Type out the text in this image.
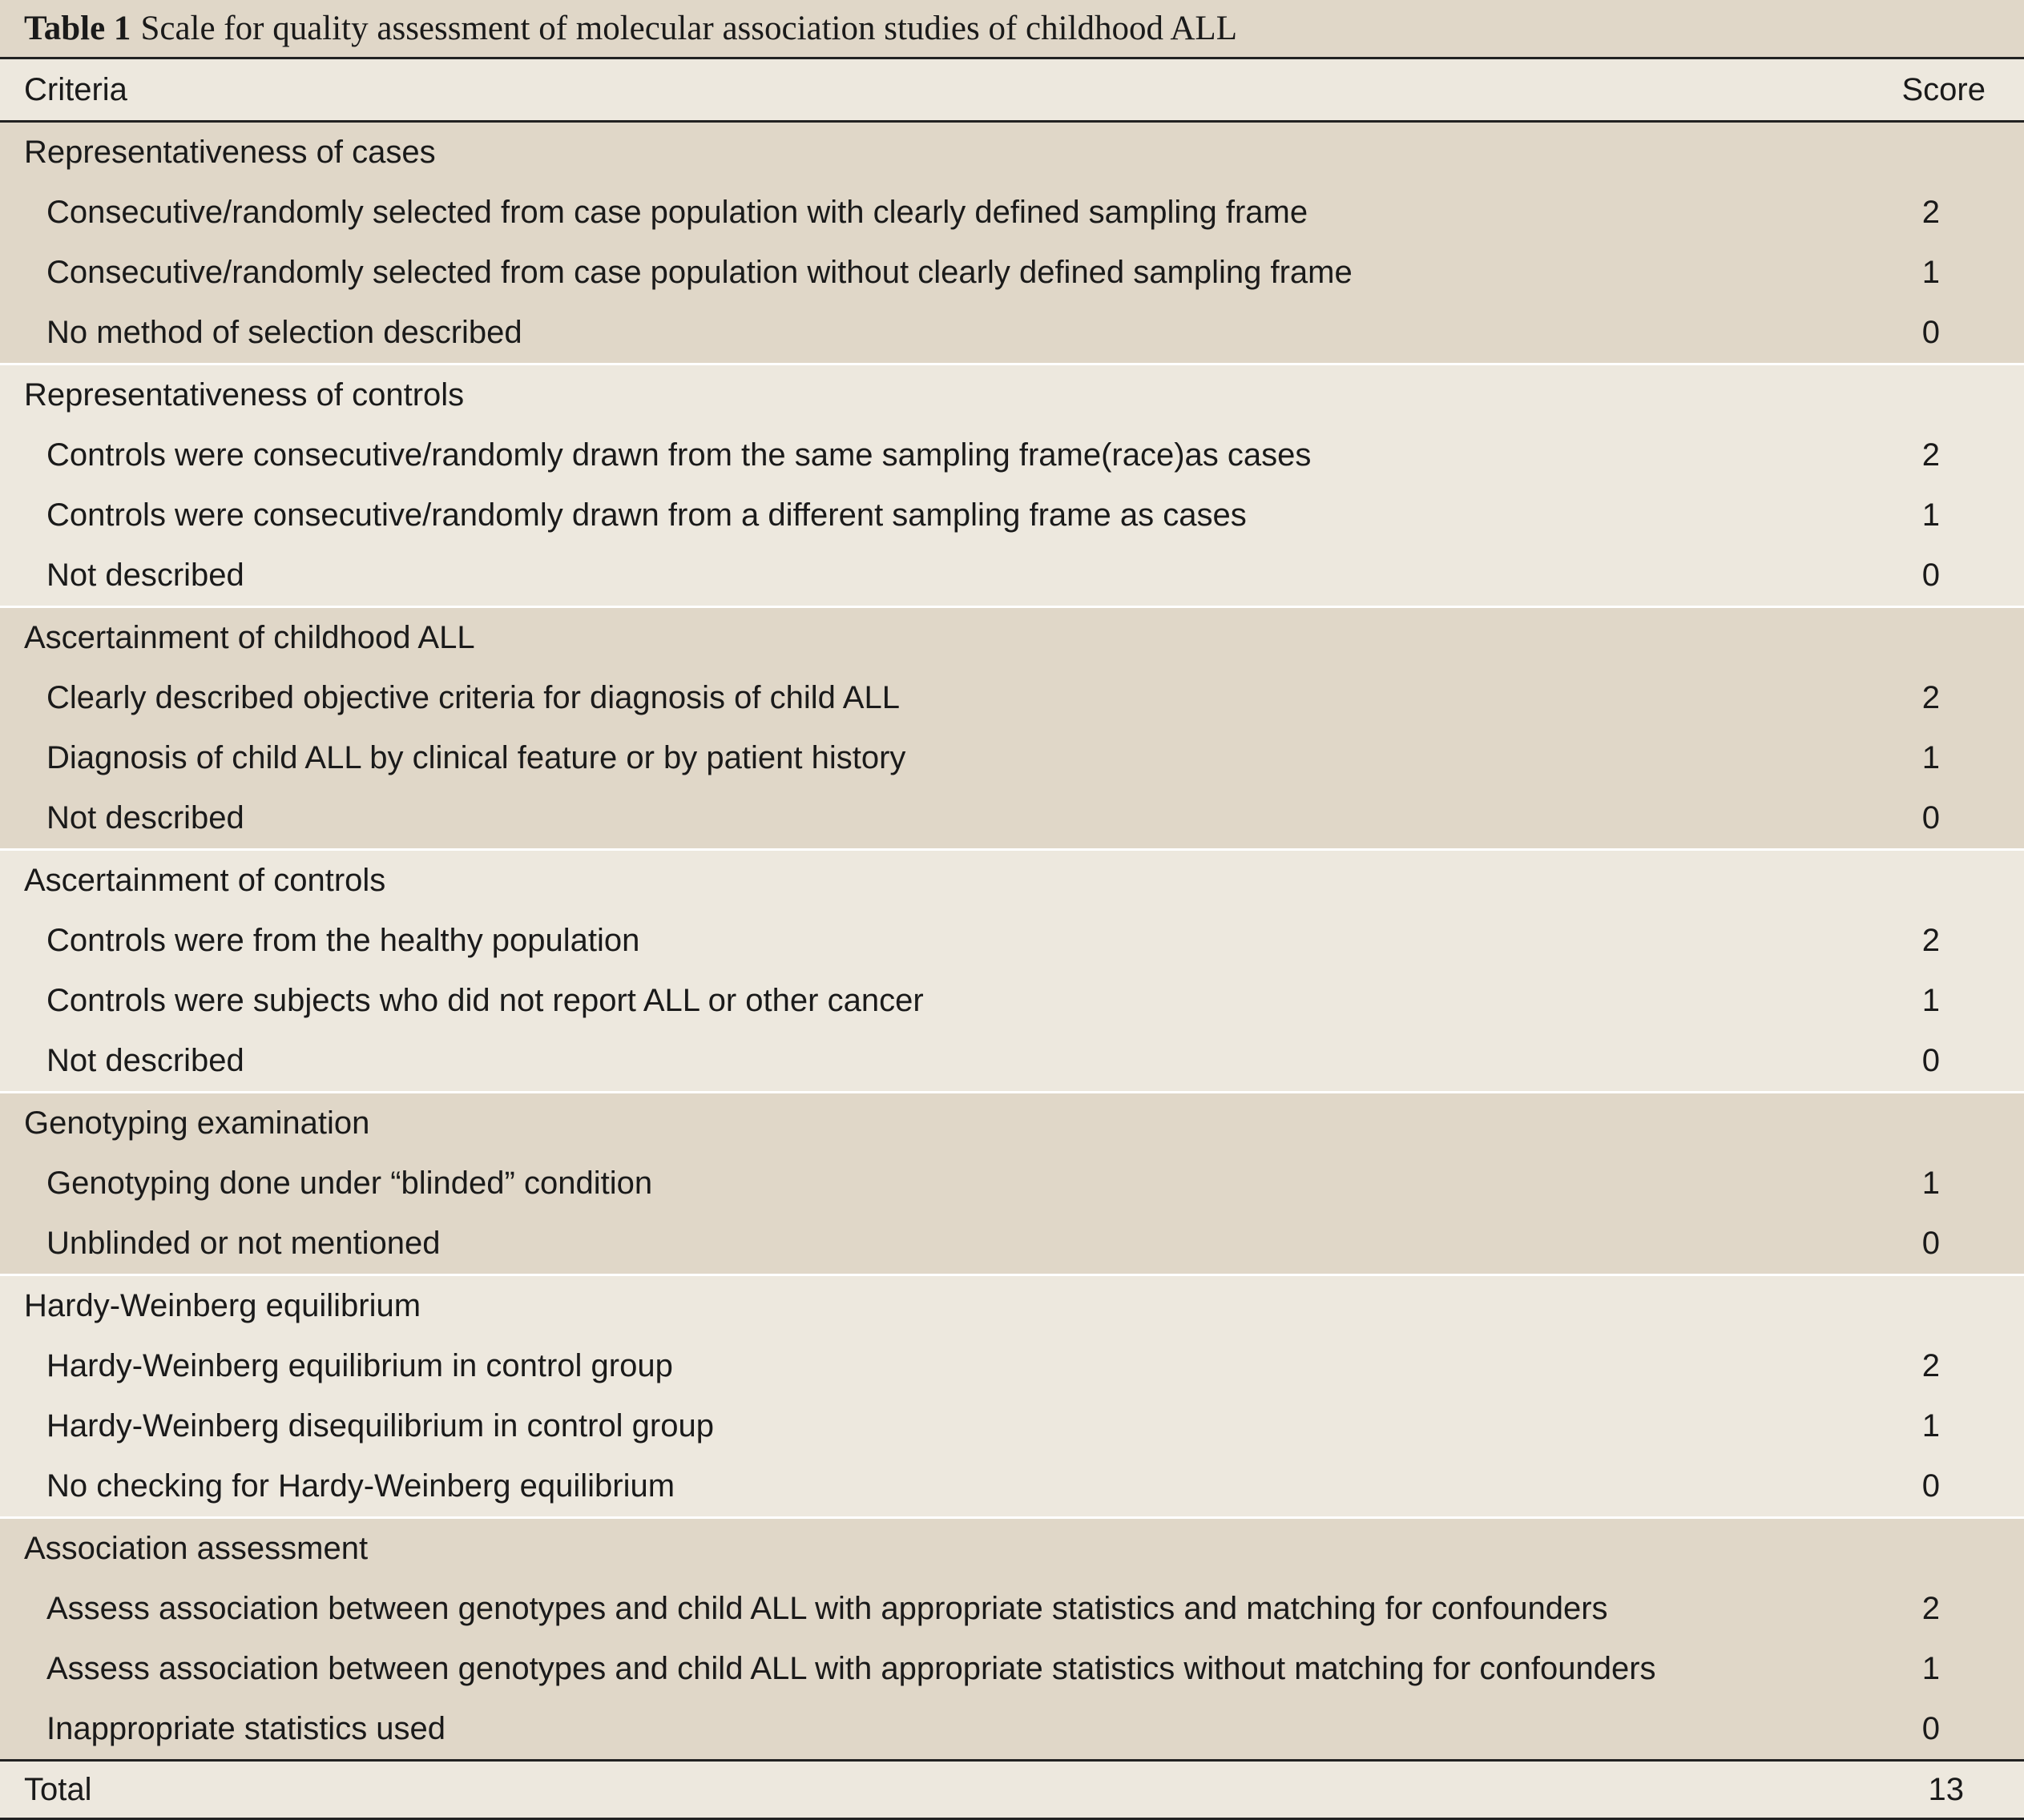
Table 1 Scale for quality assessment of molecular association studies of childhood ALL
Criteria	Score
Representativeness of cases
Consecutive/randomly selected from case population with clearly defined sampling frame	2
Consecutive/randomly selected from case population without clearly defined sampling frame	1
No method of selection described	0
Representativeness of controls
Controls were consecutive/randomly drawn from the same sampling frame(race)as cases	2
Controls were consecutive/randomly drawn from a different sampling frame as cases	1
Not described	0
Ascertainment of childhood ALL
Clearly described objective criteria for diagnosis of child ALL	2
Diagnosis of child ALL by clinical feature or by patient history	1
Not described	0
Ascertainment of controls
Controls were from the healthy population	2
Controls were subjects who did not report ALL or other cancer	1
Not described	0
Genotyping examination
Genotyping done under “blinded” condition	1
Unblinded or not mentioned	0
Hardy-Weinberg equilibrium
Hardy-Weinberg equilibrium in control group	2
Hardy-Weinberg disequilibrium in control group	1
No checking for Hardy-Weinberg equilibrium	0
Association assessment
Assess association between genotypes and child ALL with appropriate statistics and matching for confounders	2
Assess association between genotypes and child ALL with appropriate statistics without matching for confounders	1
Inappropriate statistics used	0
Total	13
